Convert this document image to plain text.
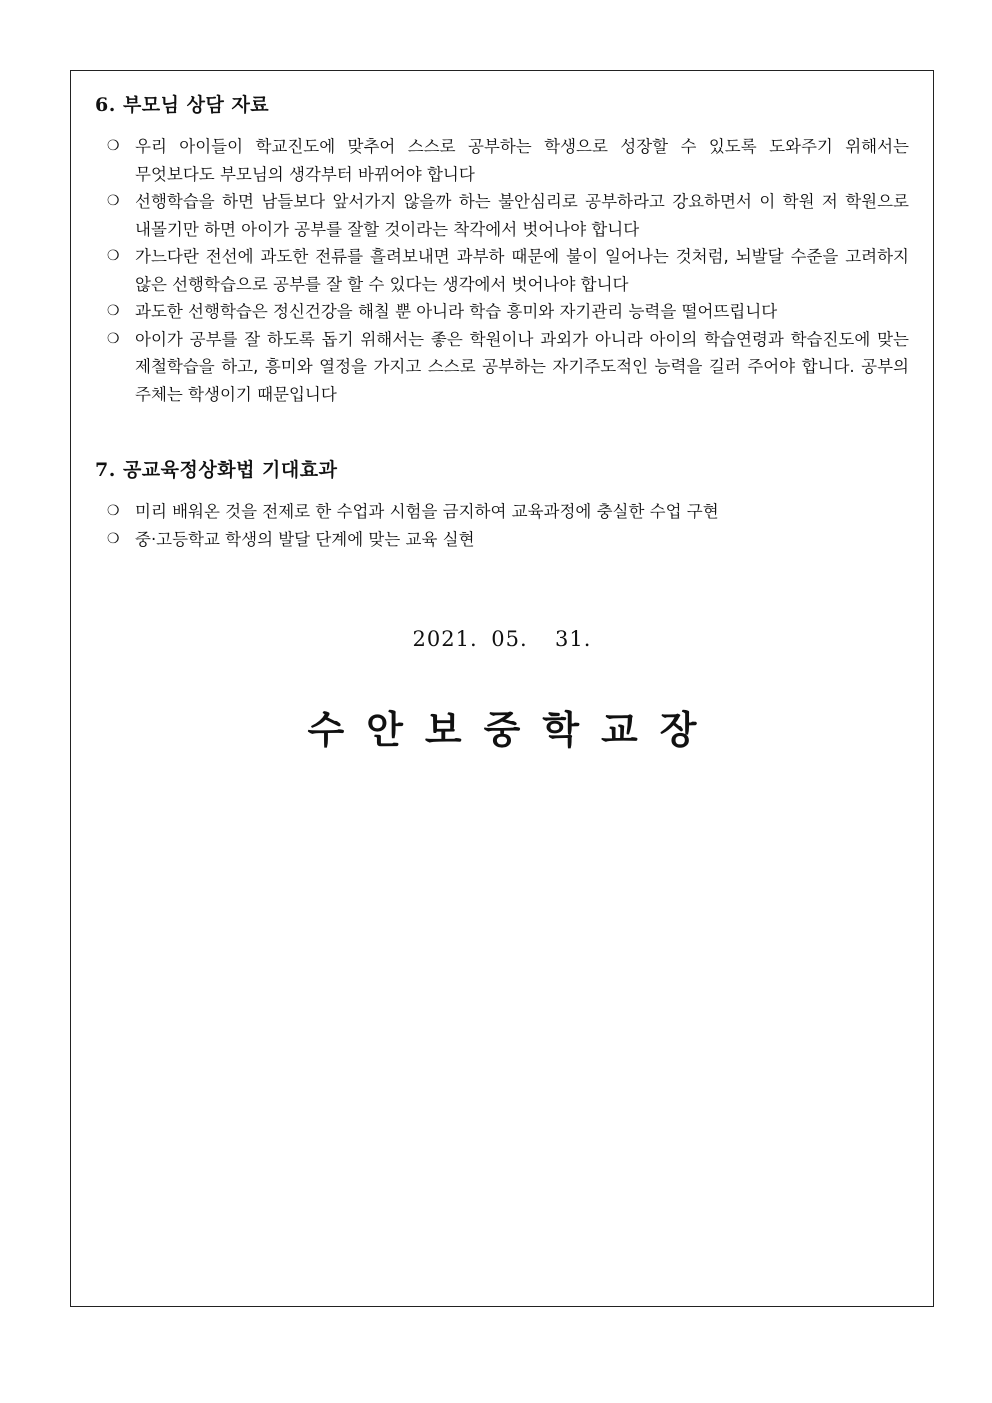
6. 부모님 상담 자료
❍ 우리 아이들이 학교진도에 맞추어 스스로 공부하는 학생으로 성장할 수 있도록 도와주기 위해서는 무엇보다도 부모님의 생각부터 바뀌어야 합니다
❍ 선행학습을 하면 남들보다 앞서가지 않을까 하는 불안심리로 공부하라고 강요하면서 이 학원 저 학원으로 내몰기만 하면 아이가 공부를 잘할 것이라는 착각에서 벗어나야 합니다
❍ 가느다란 전선에 과도한 전류를 흘려보내면 과부하 때문에 불이 일어나는 것처럼, 뇌발달 수준을 고려하지 않은 선행학습으로 공부를 잘 할 수 있다는 생각에서 벗어나야 합니다
❍ 과도한 선행학습은 정신건강을 해칠 뿐 아니라 학습 흥미와 자기관리 능력을 떨어뜨립니다
❍ 아이가 공부를 잘 하도록 돕기 위해서는 좋은 학원이나 과외가 아니라 아이의 학습연령과 학습진도에 맞는 제철학습을 하고, 흥미와 열정을 가지고 스스로 공부하는 자기주도적인 능력을 길러 주어야 합니다. 공부의 주체는 학생이기 때문입니다
7. 공교육정상화법 기대효과
❍ 미리 배워온 것을 전제로 한 수업과 시험을 금지하여 교육과정에 충실한 수업 구현
❍ 중·고등학교 학생의 발달 단계에 맞는 교육 실현
2021. 05.  31.
수안보중학교장
